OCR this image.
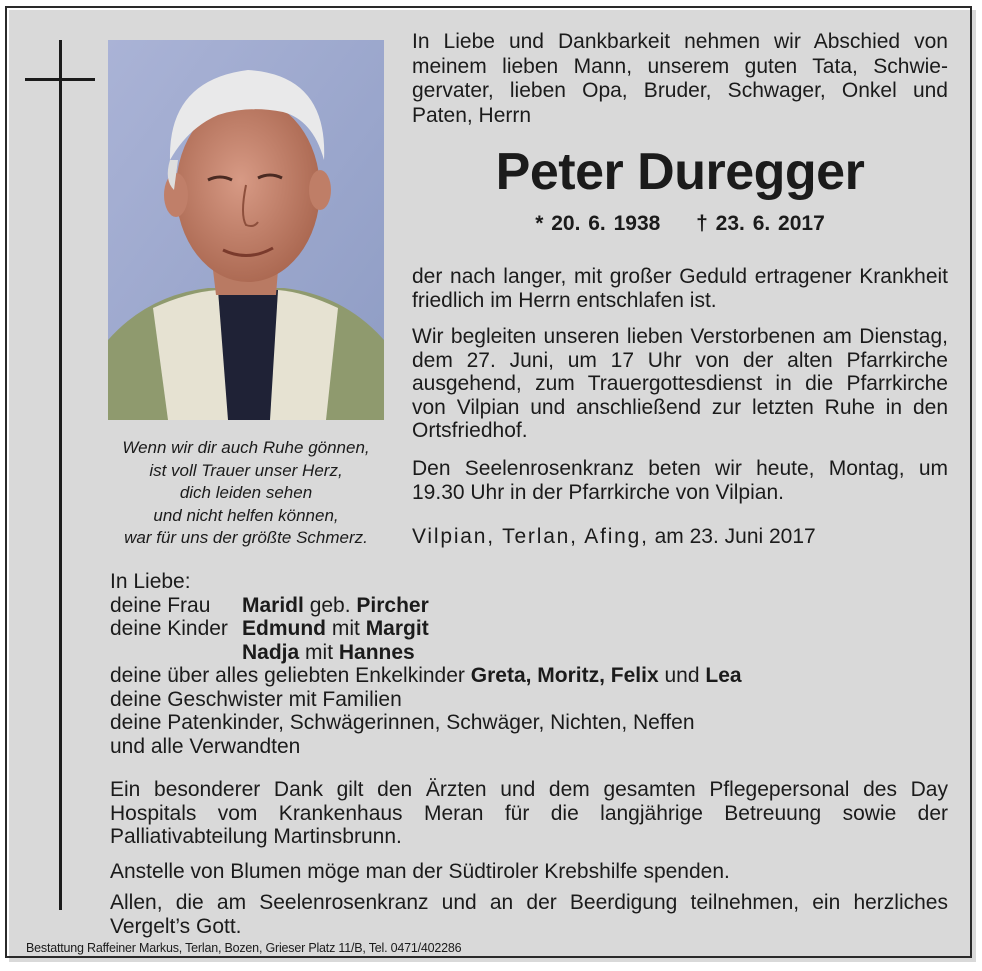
Wenn wir dir auch Ruhe gönnen,
ist voll Trauer unser Herz,
dich leiden sehen
und nicht helfen können,
war für uns der größte Schmerz.
In Liebe und Dankbarkeit nehmen wir Abschied von meinem lieben Mann, unserem guten Tata, Schwiegervater, lieben Opa, Bruder, Schwager, Onkel und Paten, Herrn
Peter Duregger
* 20. 6. 1938 † 23. 6. 2017
der nach langer, mit großer Geduld ertragener Krankheit friedlich im Herrn entschlafen ist.
Wir begleiten unseren lieben Verstorbenen am Dienstag, dem 27. Juni, um 17 Uhr von der alten Pfarrkirche ausgehend, zum Trauergottesdienst in die Pfarrkirche von Vilpian und anschließend zur letzten Ruhe in den Ortsfriedhof.
Den Seelenrosenkranz beten wir heute, Montag, um 19.30 Uhr in der Pfarrkirche von Vilpian.
Vilpian, Terlan, Afing, am 23. Juni 2017
In Liebe:
deine Frau Maridl geb. Pircher
deine Kinder Edmund mit Margit
Nadja mit Hannes
deine über alles geliebten Enkelkinder Greta, Moritz, Felix und Lea
deine Geschwister mit Familien
deine Patenkinder, Schwägerinnen, Schwäger, Nichten, Neffen
und alle Verwandten
Ein besonderer Dank gilt den Ärzten und dem gesamten Pflegepersonal des Day Hospitals vom Krankenhaus Meran für die langjährige Betreuung sowie der Palliativabteilung Martinsbrunn.
Anstelle von Blumen möge man der Südtiroler Krebshilfe spenden.
Allen, die am Seelenrosenkranz und an der Beerdigung teilnehmen, ein herzliches Vergelt’s Gott.
Bestattung Raffeiner Markus, Terlan, Bozen, Grieser Platz 11/B, Tel. 0471/402286
